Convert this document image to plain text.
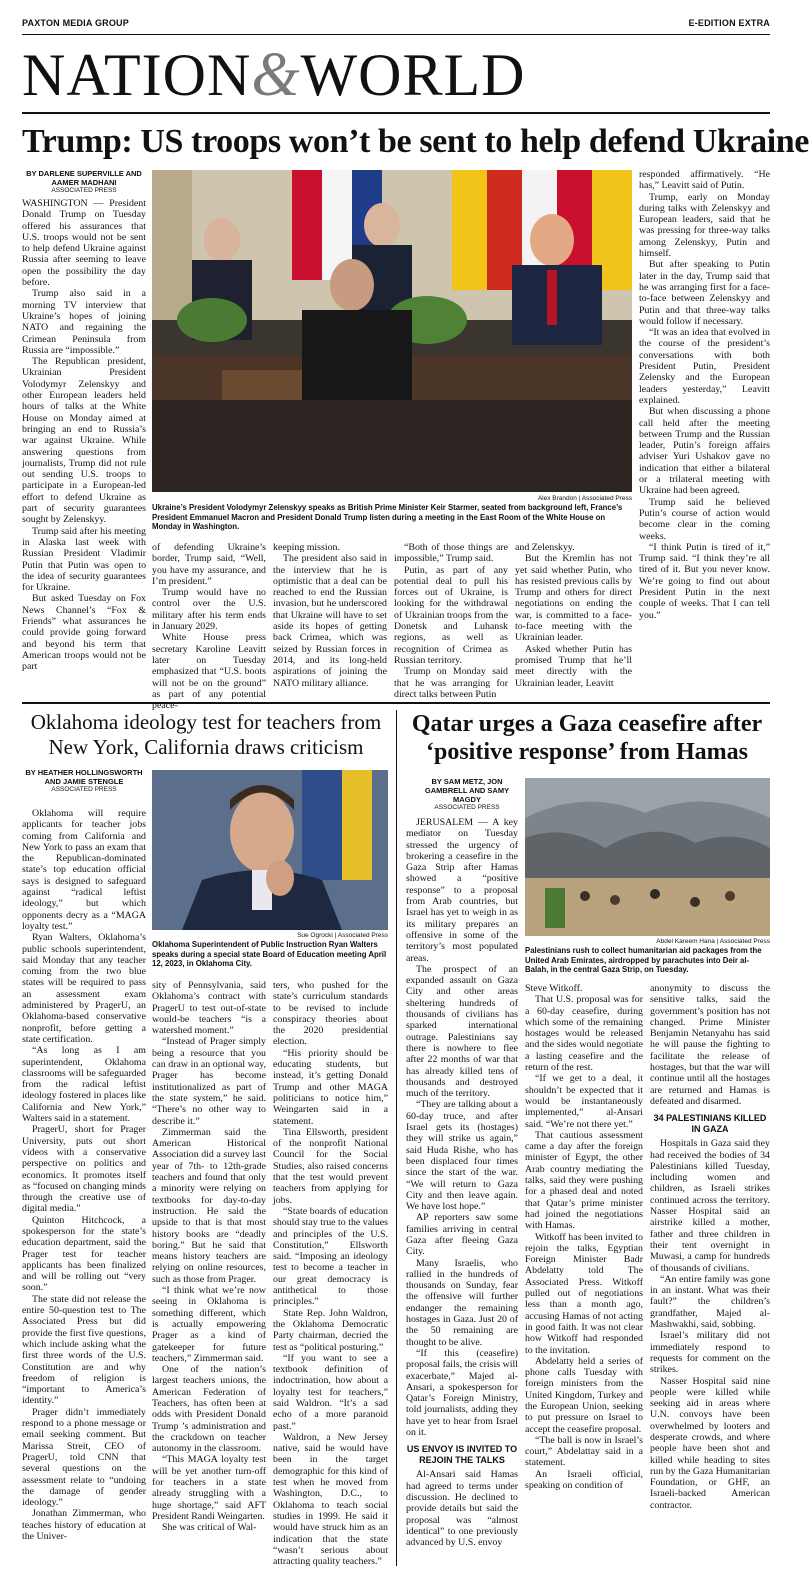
PAXTON MEDIA GROUP	E-EDITION EXTRA
NATION&WORLD
Trump: US troops won’t be sent to help defend Ukraine
BY DARLENE SUPERVILLE AND AAMER MADHANI
ASSOCIATED PRESS

WASHINGTON — President Donald Trump on Tuesday offered his assurances that U.S. troops would not be sent to help defend Ukraine against Russia after seeming to leave open the possibility the day before.

Trump also said in a morning TV interview that Ukraine’s hopes of joining NATO and regaining the Crimean Peninsula from Russia are “impossible.”

The Republican president, Ukrainian President Volodymyr Zelenskyy and other European leaders held hours of talks at the White House on Monday aimed at bringing an end to Russia’s war against Ukraine. While answering questions from journalists, Trump did not rule out sending U.S. troops to participate in a European-led effort to defend Ukraine as part of security guarantees sought by Zelenskyy.

Trump said after his meeting in Alaska last week with Russian President Vladimir Putin that Putin was open to the idea of security guarantees for Ukraine.

But asked Tuesday on Fox News Channel’s “Fox & Friends” what assurances he could provide going forward and beyond his term that American troops would not be part

Alex Brandon | Associated Press
Ukraine’s President Volodymyr Zelenskyy speaks as British Prime Minister Keir Starmer, seated from background left, France’s President Emmanuel Macron and President Donald Trump listen during a meeting in the East Room of the White House on Monday in Washington.

of defending Ukraine’s border, Trump said, “Well, you have my assurance, and I’m president.”

Trump would have no control over the U.S. military after his term ends in January 2029.

White House press secretary Karoline Leavitt later on Tuesday emphasized that “U.S. boots will not be on the ground” as part of any potential peace-

keeping mission.

The president also said in the interview that he is optimistic that a deal can be reached to end the Russian invasion, but he underscored that Ukraine will have to set aside its hopes of getting back Crimea, which was seized by Russian forces in 2014, and its long-held aspirations of joining the NATO military alliance.

“Both of those things are impossible,” Trump said.

Putin, as part of any potential deal to pull his forces out of Ukraine, is looking for the withdrawal of Ukrainian troops from the Donetsk and Luhansk regions, as well as recognition of Crimea as Russian territory.

Trump on Monday said that he was arranging for direct talks between Putin

and Zelenskyy.

But the Kremlin has not yet said whether Putin, who has resisted previous calls by Trump and others for direct negotiations on ending the war, is committed to a face-to-face meeting with the Ukrainian leader.

Asked whether Putin has promised Trump that he’ll meet directly with the Ukrainian leader, Leavitt

responded affirmatively. “He has,” Leavitt said of Putin.

Trump, early on Monday during talks with Zelenskyy and European leaders, said that he was pressing for three-way talks among Zelenskyy, Putin and himself.

But after speaking to Putin later in the day, Trump said that he was arranging first for a face-to-face between Zelenskyy and Putin and that three-way talks would follow if necessary.

“It was an idea that evolved in the course of the president’s conversations with both President Putin, President Zelensky and the European leaders yesterday,” Leavitt explained.

But when discussing a phone call held after the meeting between Trump and the Russian leader, Putin’s foreign affairs adviser Yuri Ushakov gave no indication that either a bilateral or a trilateral meeting with Ukraine had been agreed.

Trump said he believed Putin’s course of action would become clear in the coming weeks.

“I think Putin is tired of it,” Trump said. “I think they’re all tired of it. But you never know. We’re going to find out about President Putin in the next couple of weeks. That I can tell you.”

Oklahoma ideology test for teachers from New York, California draws criticism
BY HEATHER HOLLINGSWORTH AND JAMIE STENGLE
ASSOCIATED PRESS

Oklahoma will require applicants for teacher jobs coming from California and New York to pass an exam that the Republican-dominated state’s top education official says is designed to safeguard against “radical leftist ideology,” but which opponents decry as a “MAGA loyalty test.”

Ryan Walters, Oklahoma’s public schools superintendent, said Monday that any teacher coming from the two blue states will be required to pass an assessment exam administered by PragerU, an Oklahoma-based conservative nonprofit, before getting a state certification.

“As long as I am superintendent, Oklahoma classrooms will be safeguarded from the radical leftist ideology fostered in places like California and New York,” Walters said in a statement.

PragerU, short for Prager University, puts out short videos with a conservative perspective on politics and economics. It promotes itself as “focused on changing minds through the creative use of digital media.”

Quinton Hitchcock, a spokesperson for the state’s education department, said the Prager test for teacher applicants has been finalized and will be rolling out “very soon.”

The state did not release the entire 50-question test to The Associated Press but did provide the first five questions, which include asking what the first three words of the U.S. Constitution are and why freedom of religion is “important to America’s identity.”

Prager didn’t immediately respond to a phone message or email seeking comment. But Marissa Streit, CEO of PragerU, told CNN that several questions on the assessment relate to “undoing the damage of gender ideology.”

Jonathan Zimmerman, who teaches history of education at the Univer-

Sue Ogrocki | Associated Press
Oklahoma Superintendent of Public Instruction Ryan Walters speaks during a special state Board of Education meeting April 12, 2023, in Oklahoma City.

sity of Pennsylvania, said Oklahoma’s contract with PragerU to test out-of-state would-be teachers “is a watershed moment.”

“Instead of Prager simply being a resource that you can draw in an optional way, Prager has become institutionalized as part of the state system,” he said. “There’s no other way to describe it.”

Zimmerman said the American Historical Association did a survey last year of 7th- to 12th-grade teachers and found that only a minority were relying on textbooks for day-to-day instruction. He said the upside to that is that most history books are “deadly boring.” But he said that means history teachers are relying on online resources, such as those from Prager.

“I think what we’re now seeing in Oklahoma is something different, which is actually empowering Prager as a kind of gatekeeper for future teachers,” Zimmerman said.

One of the nation’s largest teachers unions, the American Federation of Teachers, has often been at odds with President Donald Trump ’s administration and the crackdown on teacher autonomy in the classroom.

“This MAGA loyalty test will be yet another turn-off for teachers in a state already struggling with a huge shortage,” said AFT President Randi Weingarten.

She was critical of Wal-

ters, who pushed for the state’s curriculum standards to be revised to include conspiracy theories about the 2020 presidential election.

“His priority should be educating students, but instead, it’s getting Donald Trump and other MAGA politicians to notice him,” Weingarten said in a statement.

Tina Ellsworth, president of the nonprofit National Council for the Social Studies, also raised concerns that the test would prevent teachers from applying for jobs.

“State boards of education should stay true to the values and principles of the U.S. Constitution,” Ellsworth said. “Imposing an ideology test to become a teacher in our great democracy is antithetical to those principles.”

State Rep. John Waldron, the Oklahoma Democratic Party chairman, decried the test as “political posturing.”

“If you want to see a textbook definition of indoctrination, how about a loyalty test for teachers,” said Waldron. “It’s a sad echo of a more paranoid past.”

Waldron, a New Jersey native, said he would have been in the target demographic for this kind of test when he moved from Washington, D.C., to Oklahoma to teach social studies in 1999. He said it would have struck him as an indication that the state “wasn’t serious about attracting quality teachers.”

Qatar urges a Gaza ceasefire after ‘positive response’ from Hamas
BY SAM METZ, JON GAMBRELL AND SAMY MAGDY
ASSOCIATED PRESS

JERUSALEM — A key mediator on Tuesday stressed the urgency of brokering a ceasefire in the Gaza Strip after Hamas showed a “positive response” to a proposal from Arab countries, but Israel has yet to weigh in as its military prepares an offensive in some of the territory’s most populated areas.

The prospect of an expanded assault on Gaza City and other areas sheltering hundreds of thousands of civilians has sparked international outrage. Palestinians say there is nowhere to flee after 22 months of war that has already killed tens of thousands and destroyed much of the territory.

“They are talking about a 60-day truce, and after Israel gets its (hostages) they will strike us again,” said Huda Rishe, who has been displaced four times since the start of the war. “We will return to Gaza City and then leave again. We have lost hope.”

AP reporters saw some families arriving in central Gaza after fleeing Gaza City.

Many Israelis, who rallied in the hundreds of thousands on Sunday, fear the offensive will further endanger the remaining hostages in Gaza. Just 20 of the 50 remaining are thought to be alive.

“If this (ceasefire) proposal fails, the crisis will exacerbate,” Majed al-Ansari, a spokesperson for Qatar’s Foreign Ministry, told journalists, adding they have yet to hear from Israel on it.

US ENVOY IS INVITED TO REJOIN THE TALKS

Al-Ansari said Hamas had agreed to terms under discussion. He declined to provide details but said the proposal was “almost identical” to one previously advanced by U.S. envoy

Abdel Kareem Hana | Associated Press
Palestinians rush to collect humanitarian aid packages from the United Arab Emirates, airdropped by parachutes into Deir al-Balah, in the central Gaza Strip, on Tuesday.

Steve Witkoff.

That U.S. proposal was for a 60-day ceasefire, during which some of the remaining hostages would be released and the sides would negotiate a lasting ceasefire and the return of the rest.

“If we get to a deal, it shouldn’t be expected that it would be instantaneously implemented,” al-Ansari said. “We’re not there yet.”

That cautious assessment came a day after the foreign minister of Egypt, the other Arab country mediating the talks, said they were pushing for a phased deal and noted that Qatar’s prime minister had joined the negotiations with Hamas.

Witkoff has been invited to rejoin the talks, Egyptian Foreign Minister Badr Abdelatty told The Associated Press. Witkoff pulled out of negotiations less than a month ago, accusing Hamas of not acting in good faith. It was not clear how Witkoff had responded to the invitation.

Abdelatty held a series of phone calls Tuesday with foreign ministers from the United Kingdom, Turkey and the European Union, seeking to put pressure on Israel to accept the ceasefire proposal.

“The ball is now in Israel’s court,” Abdelattay said in a statement.

An Israeli official, speaking on condition of

anonymity to discuss the sensitive talks, said the government’s position has not changed. Prime Minister Benjamin Netanyahu has said he will pause the fighting to facilitate the release of hostages, but that the war will continue until all the hostages are returned and Hamas is defeated and disarmed.

34 PALESTINIANS KILLED IN GAZA

Hospitals in Gaza said they had received the bodies of 34 Palestinians killed Tuesday, including women and children, as Israeli strikes continued across the territory. Nasser Hospital said an airstrike killed a mother, father and three children in their tent overnight in Muwasi, a camp for hundreds of thousands of civilians.

“An entire family was gone in an instant. What was their fault?” the children’s grandfather, Majed al-Mashwakhi, said, sobbing.

Israel’s military did not immediately respond to requests for comment on the strikes.

Nasser Hospital said nine people were killed while seeking aid in areas where U.N. convoys have been overwhelmed by looters and desperate crowds, and where people have been shot and killed while heading to sites run by the Gaza Humanitarian Foundation, or GHF, an Israeli-backed American contractor.
